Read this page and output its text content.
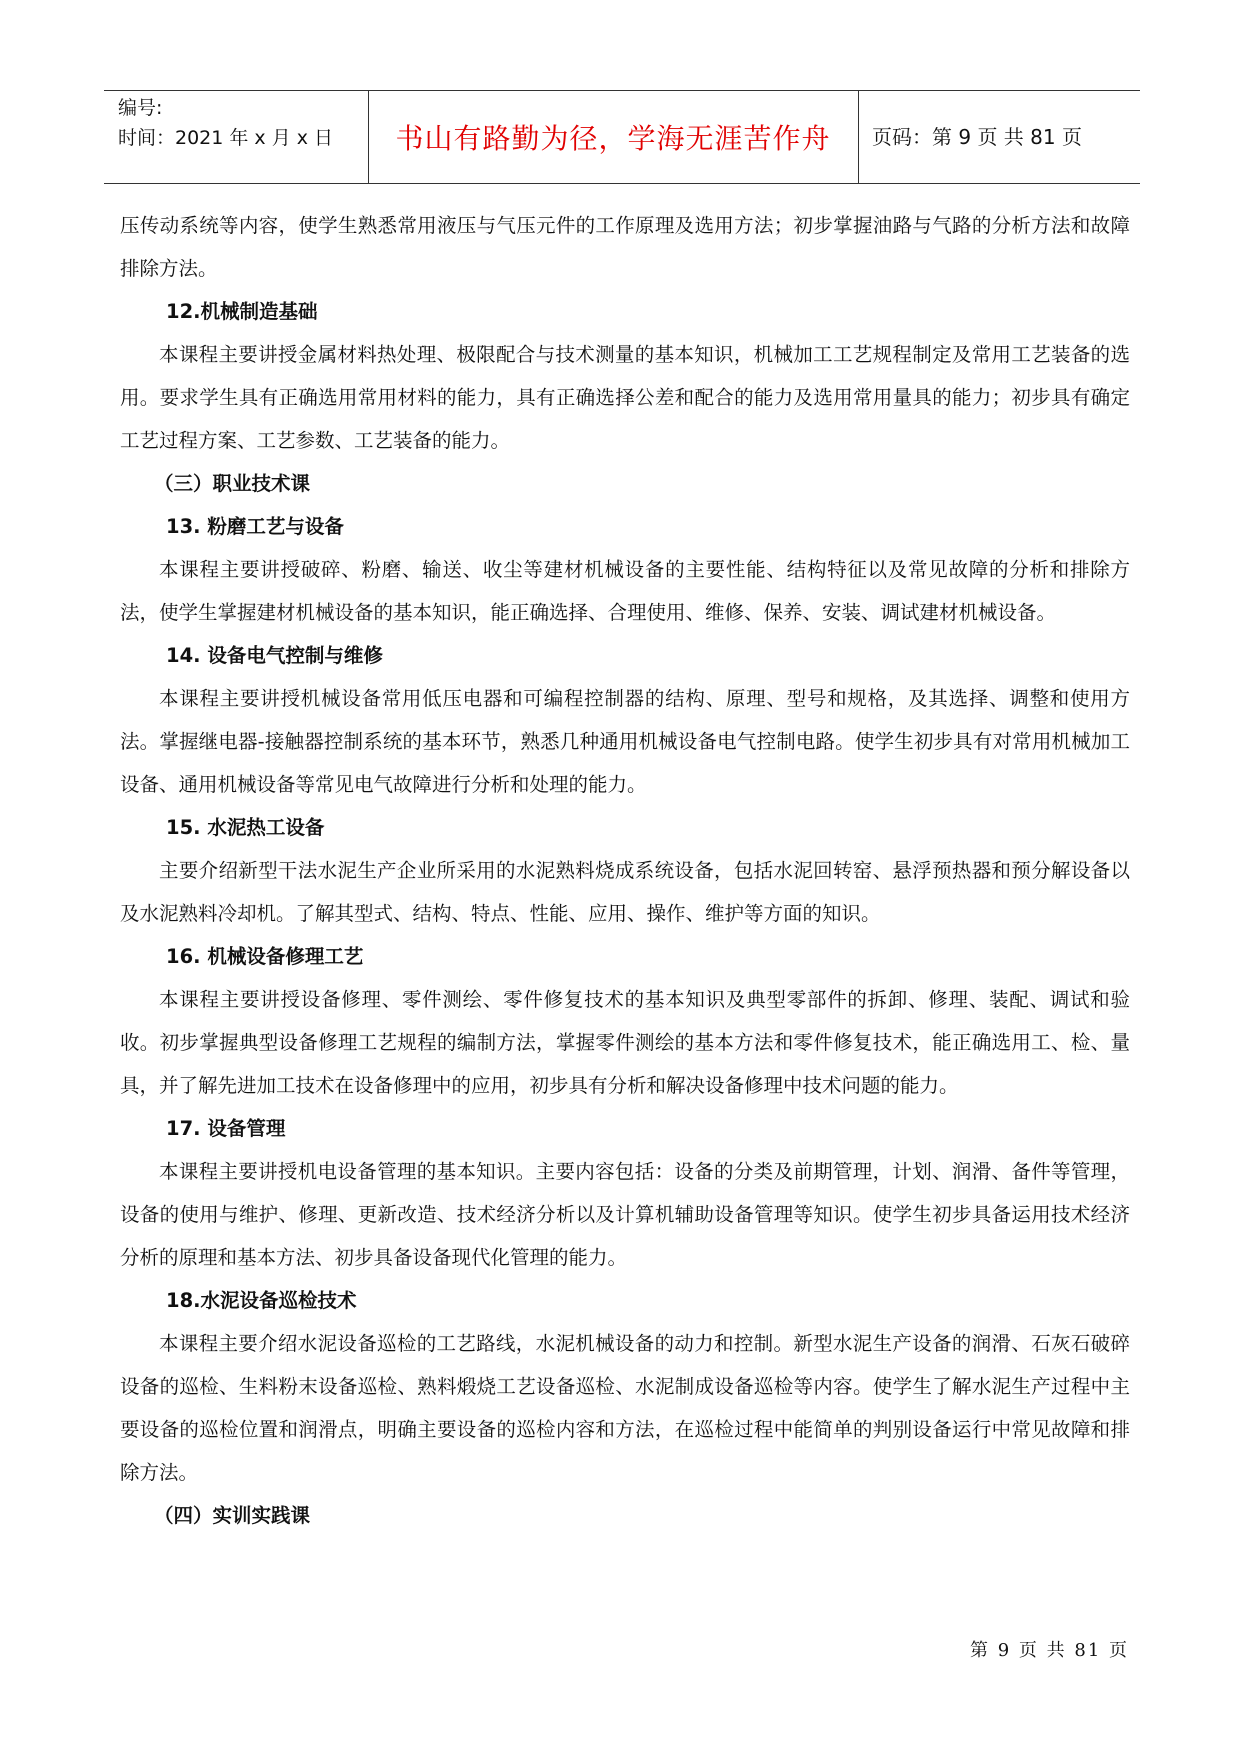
编号:
时间：2021 年 x 月 x 日	书山有路勤为径，学海无涯苦作舟	页码：第 9 页 共 81 页

压传动系统等内容，使学生熟悉常用液压与气压元件的工作原理及选用方法；初步掌握油路与气路的分析方法和故障排除方法。

12.机械制造基础

本课程主要讲授金属材料热处理、极限配合与技术测量的基本知识，机械加工工艺规程制定及常用工艺装备的选用。要求学生具有正确选用常用材料的能力，具有正确选择公差和配合的能力及选用常用量具的能力；初步具有确定工艺过程方案、工艺参数、工艺装备的能力。

（三）职业技术课

13. 粉磨工艺与设备

本课程主要讲授破碎、粉磨、输送、收尘等建材机械设备的主要性能、结构特征以及常见故障的分析和排除方法，使学生掌握建材机械设备的基本知识，能正确选择、合理使用、维修、保养、安装、调试建材机械设备。

14. 设备电气控制与维修

本课程主要讲授机械设备常用低压电器和可编程控制器的结构、原理、型号和规格，及其选择、调整和使用方法。掌握继电器-接触器控制系统的基本环节，熟悉几种通用机械设备电气控制电路。使学生初步具有对常用机械加工设备、通用机械设备等常见电气故障进行分析和处理的能力。

15. 水泥热工设备

主要介绍新型干法水泥生产企业所采用的水泥熟料烧成系统设备，包括水泥回转窑、悬浮预热器和预分解设备以及水泥熟料冷却机。了解其型式、结构、特点、性能、应用、操作、维护等方面的知识。

16. 机械设备修理工艺

本课程主要讲授设备修理、零件测绘、零件修复技术的基本知识及典型零部件的拆卸、修理、装配、调试和验收。初步掌握典型设备修理工艺规程的编制方法，掌握零件测绘的基本方法和零件修复技术，能正确选用工、检、量具，并了解先进加工技术在设备修理中的应用，初步具有分析和解决设备修理中技术问题的能力。

17. 设备管理

本课程主要讲授机电设备管理的基本知识。主要内容包括：设备的分类及前期管理，计划、润滑、备件等管理，设备的使用与维护、修理、更新改造、技术经济分析以及计算机辅助设备管理等知识。使学生初步具备运用技术经济分析的原理和基本方法、初步具备设备现代化管理的能力。

18.水泥设备巡检技术

本课程主要介绍水泥设备巡检的工艺路线，水泥机械设备的动力和控制。新型水泥生产设备的润滑、石灰石破碎设备的巡检、生料粉末设备巡检、熟料煅烧工艺设备巡检、水泥制成设备巡检等内容。使学生了解水泥生产过程中主要设备的巡检位置和润滑点，明确主要设备的巡检内容和方法，在巡检过程中能简单的判别设备运行中常见故障和排除方法。

（四）实训实践课

第 9 页 共 81 页
